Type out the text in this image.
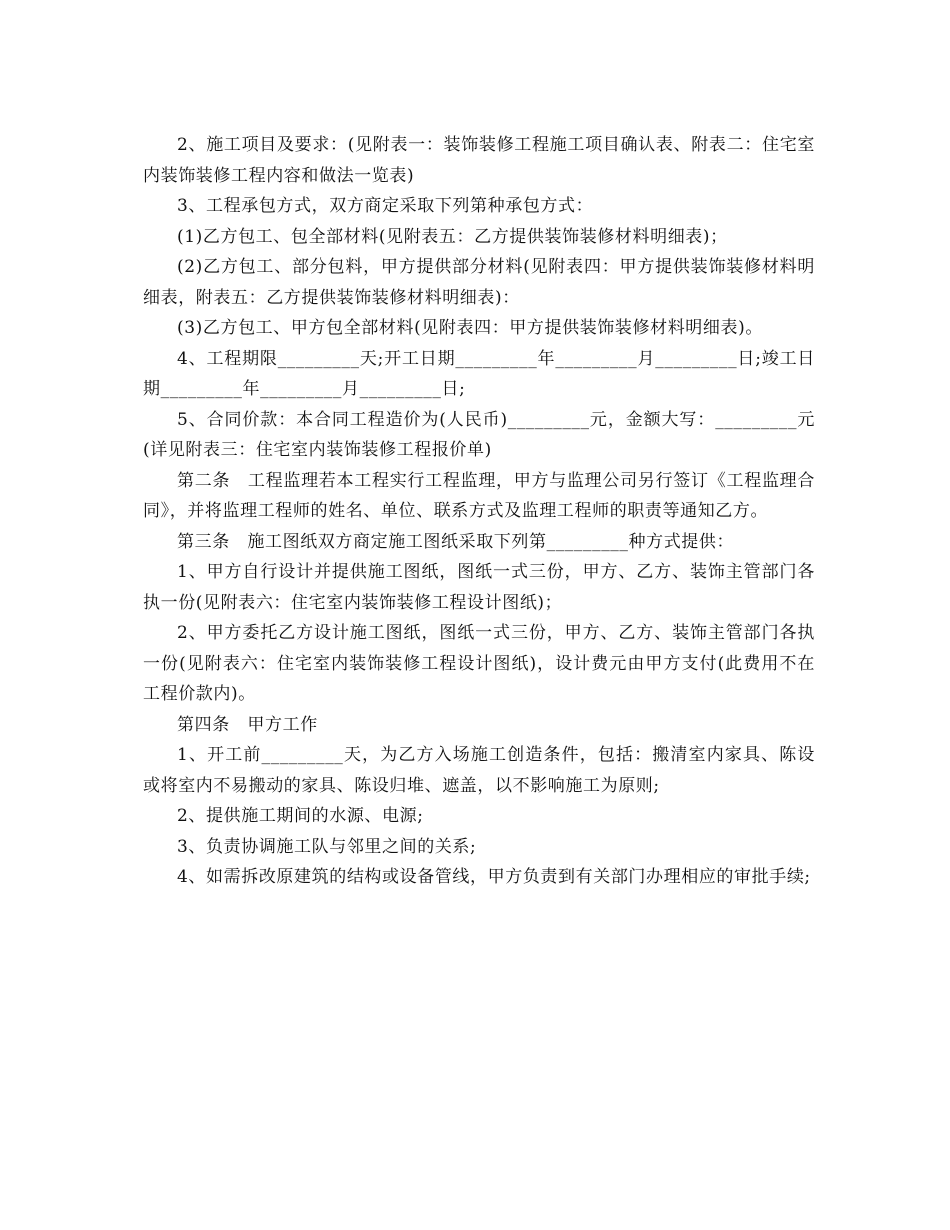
2、施工项目及要求：(见附表一：装饰装修工程施工项目确认表、附表二：住宅室内装饰装修工程内容和做法一览表)

3、工程承包方式，双方商定采取下列第种承包方式：

(1)乙方包工、包全部材料(见附表五：乙方提供装饰装修材料明细表)；

(2)乙方包工、部分包料，甲方提供部分材料(见附表四：甲方提供装饰装修材料明细表，附表五：乙方提供装饰装修材料明细表)：

(3)乙方包工、甲方包全部材料(见附表四：甲方提供装饰装修材料明细表)。

4、工程期限_________天;开工日期_________年_________月_________日;竣工日期_________年_________月_________日;

5、合同价款：本合同工程造价为(人民币)_________元，金额大写：_________元(详见附表三：住宅室内装饰装修工程报价单)

第二条　工程监理若本工程实行工程监理，甲方与监理公司另行签订《工程监理合同》，并将监理工程师的姓名、单位、联系方式及监理工程师的职责等通知乙方。

第三条　施工图纸双方商定施工图纸采取下列第_________种方式提供：

1、甲方自行设计并提供施工图纸，图纸一式三份，甲方、乙方、装饰主管部门各执一份(见附表六：住宅室内装饰装修工程设计图纸)；

2、甲方委托乙方设计施工图纸，图纸一式三份，甲方、乙方、装饰主管部门各执一份(见附表六：住宅室内装饰装修工程设计图纸)，设计费元由甲方支付(此费用不在工程价款内)。

第四条　甲方工作

1、开工前_________天，为乙方入场施工创造条件，包括：搬清室内家具、陈设或将室内不易搬动的家具、陈设归堆、遮盖，以不影响施工为原则;

2、提供施工期间的水源、电源;

3、负责协调施工队与邻里之间的关系;

4、如需拆改原建筑的结构或设备管线，甲方负责到有关部门办理相应的审批手续;
